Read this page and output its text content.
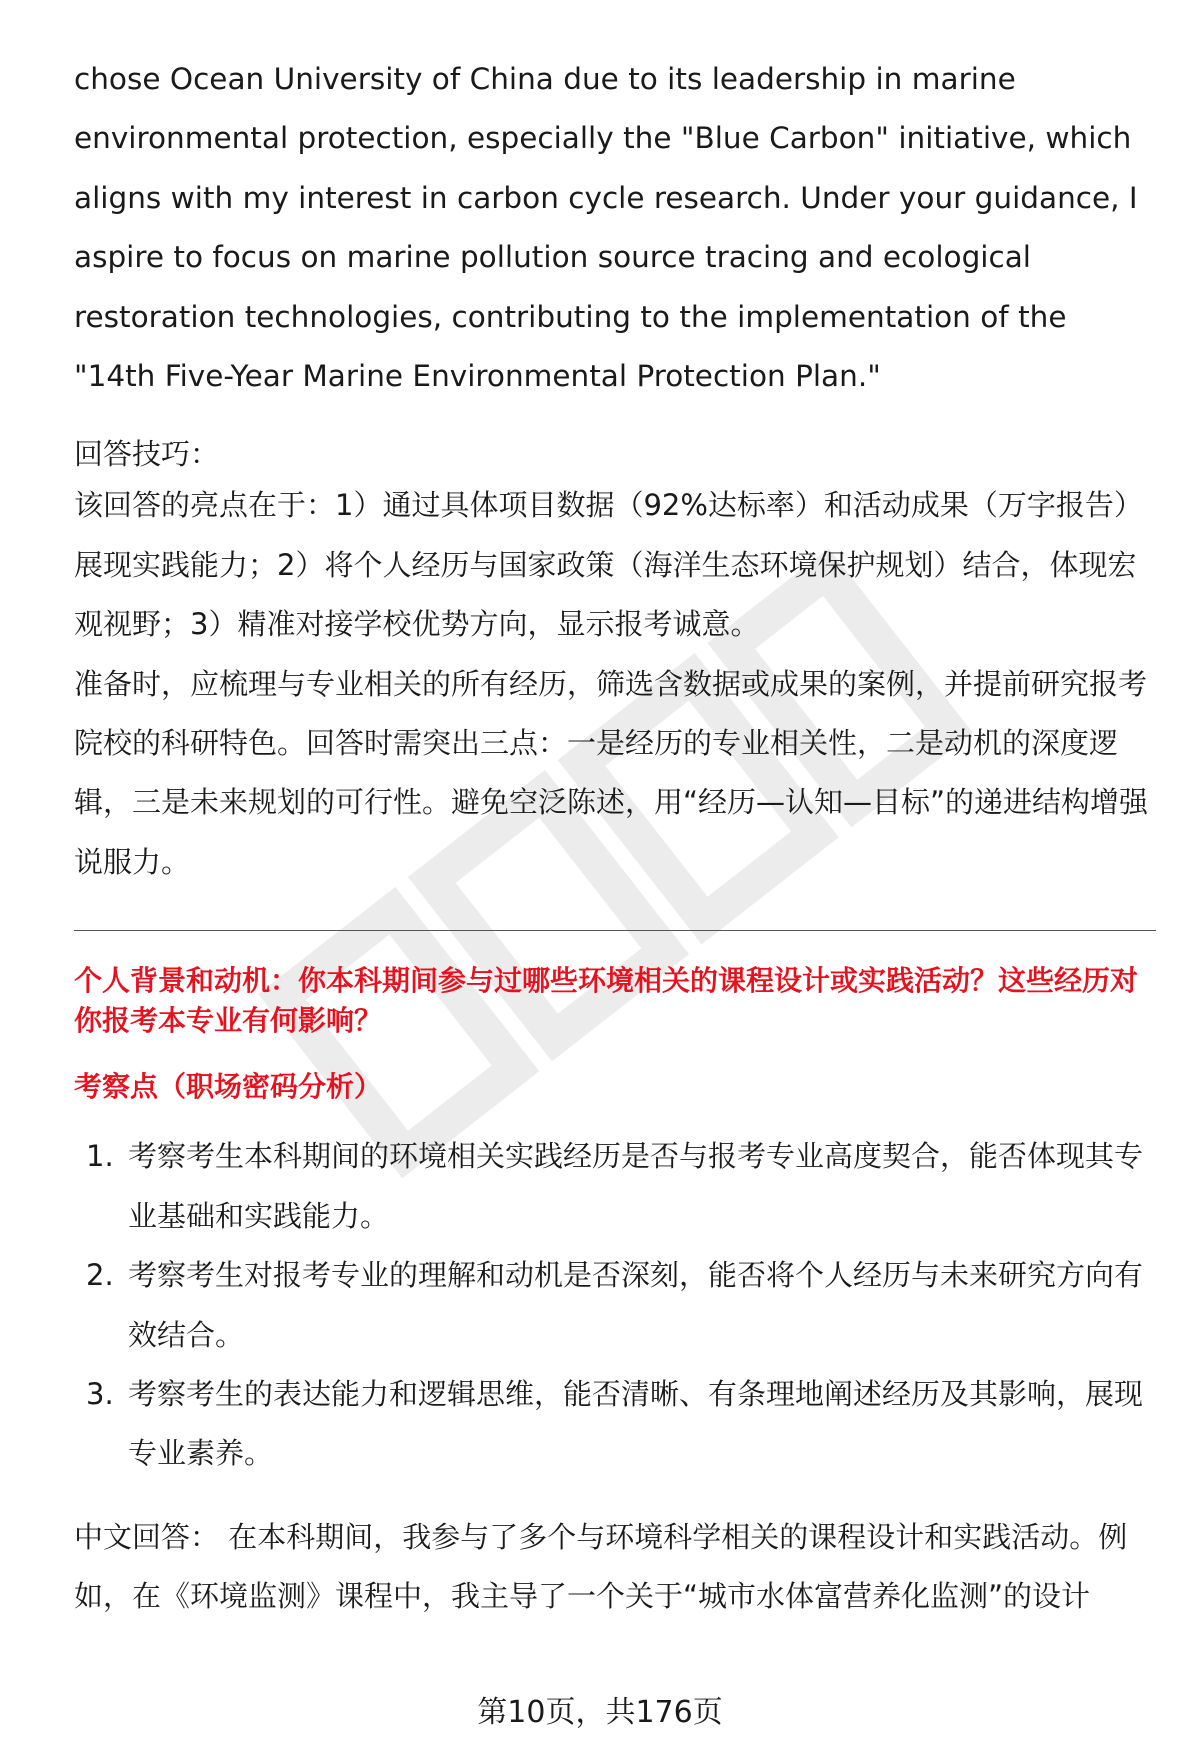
chose Ocean University of China due to its leadership in marine environmental protection, especially the "Blue Carbon" initiative, which aligns with my interest in carbon cycle research. Under your guidance, I aspire to focus on marine pollution source tracing and ecological restoration technologies, contributing to the implementation of the "14th Five-Year Marine Environmental Protection Plan."

回答技巧：

该回答的亮点在于：1）通过具体项目数据（92%达标率）和活动成果（万字报告）展现实践能力；2）将个人经历与国家政策（海洋生态环境保护规划）结合，体现宏观视野；3）精准对接学校优势方向，显示报考诚意。

准备时，应梳理与专业相关的所有经历，筛选含数据或成果的案例，并提前研究报考院校的科研特色。回答时需突出三点：一是经历的专业相关性，二是动机的深度逻辑，三是未来规划的可行性。避免空泛陈述，用“经历—认知—目标”的递进结构增强说服力。

个人背景和动机：你本科期间参与过哪些环境相关的课程设计或实践活动？这些经历对你报考本专业有何影响？

考察点（职场密码分析）

1. 考察考生本科期间的环境相关实践经历是否与报考专业高度契合，能否体现其专业基础和实践能力。
2. 考察考生对报考专业的理解和动机是否深刻，能否将个人经历与未来研究方向有效结合。
3. 考察考生的表达能力和逻辑思维，能否清晰、有条理地阐述经历及其影响，展现专业素养。

中文回答： 在本科期间，我参与了多个与环境科学相关的课程设计和实践活动。例如，在《环境监测》课程中，我主导了一个关于“城市水体富营养化监测”的设计

第10页，共176页
